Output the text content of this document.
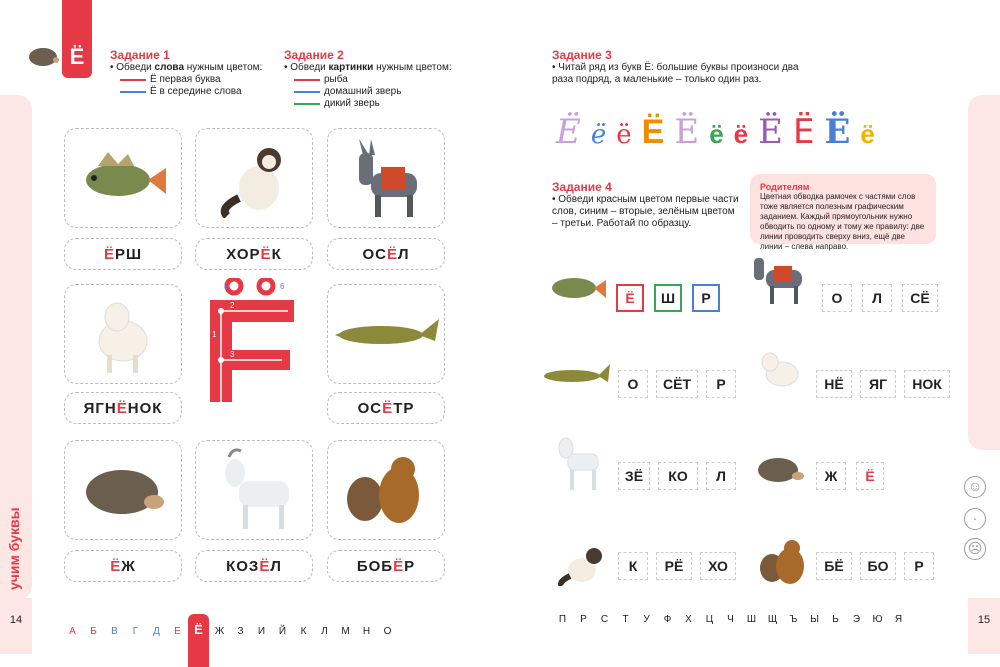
Ё
учим буквы
14	15
Задание 1
• Обведи слова нужным цветом:
Ё первая буква
Ё в середине слова
Задание 2
• Обведи картинки нужным цветом:
рыба
домашний зверь
дикий зверь
Ё РШ	ХОР Ё К	ОС Ё Л
1
2
3
4
5	6
ЯГН Ё НОК	ОС Ё ТР
Ё Ж	КОЗ Ё Л	БОБ Ё Р
А Б В Г Д Е Ё Ж З И Й К Л М Н О
Задание 3
• Читай ряд из букв Ё: большие буквы произноси два раза подряд, а маленькие – только один раз.
Ё ё ё Ё Ё ё ё Ё Ё Ё ё
Задание 4
• Обведи красным цветом первые части слов, синим – вторые, зелёным цветом – третьи. Работай по образцу.
Родителям
Цветная обводка рамочек с частями слов тоже является полезным графическим заданием. Каждый прямоугольник нужно обводить по одному и тому же правилу: две линии проводить сверху вниз, ещё две линии – слева направо.
Ё Ш Р	О Л СЁ
О СЁТ Р	НЁ ЯГ НОК
ЗЁ КО Л	Ж Ё
К РЁ ХО	БЁ БО Р
☺
·
☹
П Р С Т У Ф Х Ц Ч Ш Щ Ъ Ы Ь Э Ю Я
